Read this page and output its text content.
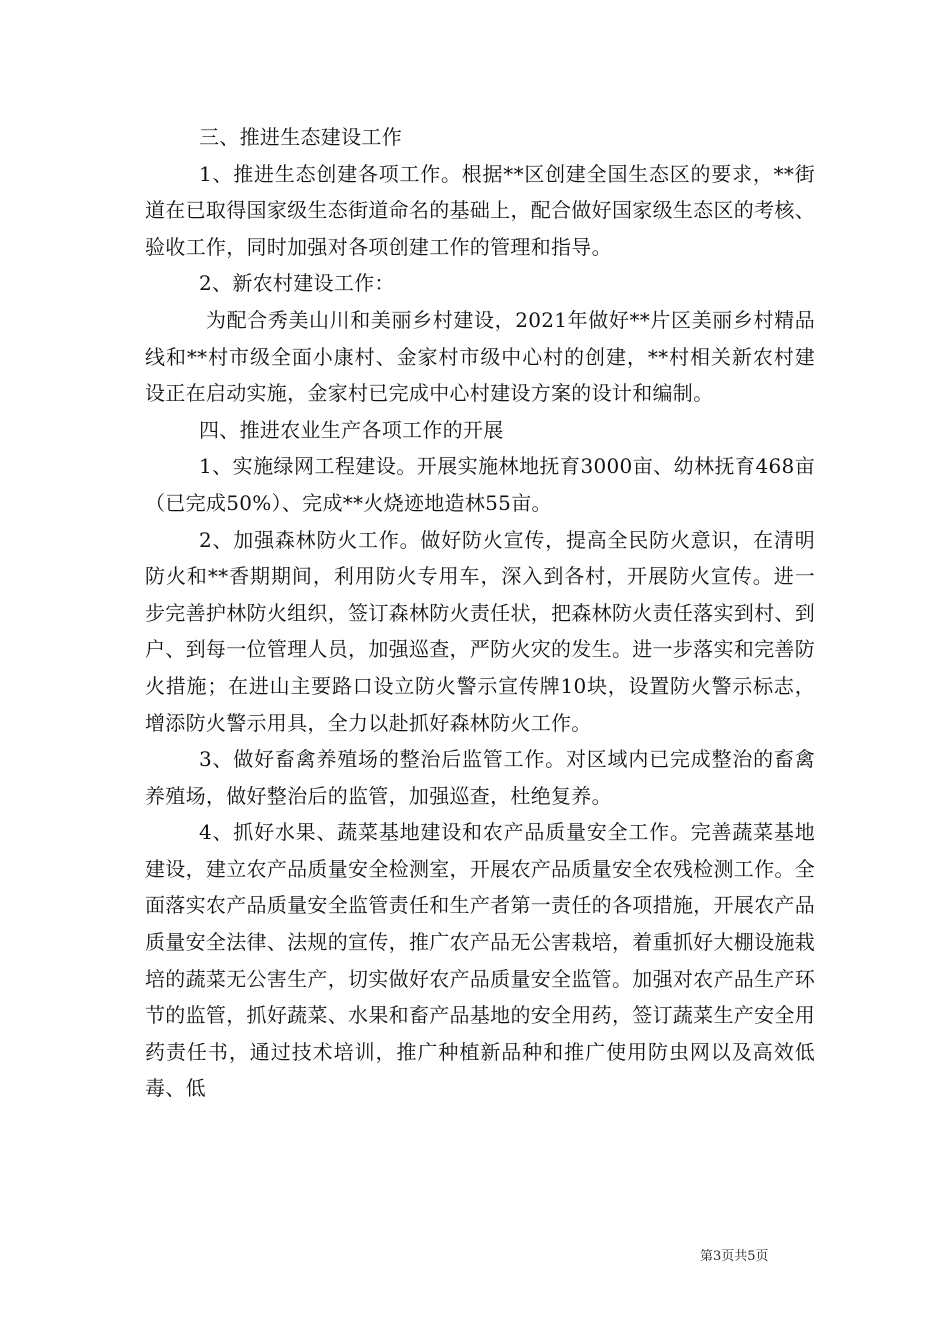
三、推进生态建设工作

1、推进生态创建各项工作。根据**区创建全国生态区的要求，**街道在已取得国家级生态街道命名的基础上，配合做好国家级生态区的考核、验收工作，同时加强对各项创建工作的管理和指导。

2、新农村建设工作：

为配合秀美山川和美丽乡村建设，2021年做好**片区美丽乡村精品线和**村市级全面小康村、金家村市级中心村的创建，**村相关新农村建设正在启动实施，金家村已完成中心村建设方案的设计和编制。

四、推进农业生产各项工作的开展

1、实施绿网工程建设。开展实施林地抚育3000亩、幼林抚育468亩（已完成50%）、完成**火烧迹地造林55亩。

2、加强森林防火工作。做好防火宣传，提高全民防火意识，在清明防火和**香期期间，利用防火专用车，深入到各村，开展防火宣传。进一步完善护林防火组织，签订森林防火责任状，把森林防火责任落实到村、到户、到每一位管理人员，加强巡查，严防火灾的发生。进一步落实和完善防火措施；在进山主要路口设立防火警示宣传牌10块，设置防火警示标志，增添防火警示用具，全力以赴抓好森林防火工作。

3、做好畜禽养殖场的整治后监管工作。对区域内已完成整治的畜禽养殖场，做好整治后的监管，加强巡查，杜绝复养。

4、抓好水果、蔬菜基地建设和农产品质量安全工作。完善蔬菜基地建设，建立农产品质量安全检测室，开展农产品质量安全农残检测工作。全面落实农产品质量安全监管责任和生产者第一责任的各项措施，开展农产品质量安全法律、法规的宣传，推广农产品无公害栽培，着重抓好大棚设施栽培的蔬菜无公害生产，切实做好农产品质量安全监管。加强对农产品生产环节的监管，抓好蔬菜、水果和畜产品基地的安全用药，签订蔬菜生产安全用药责任书，通过技术培训，推广种植新品种和推广使用防虫网以及高效低毒、低

第3页共5页
